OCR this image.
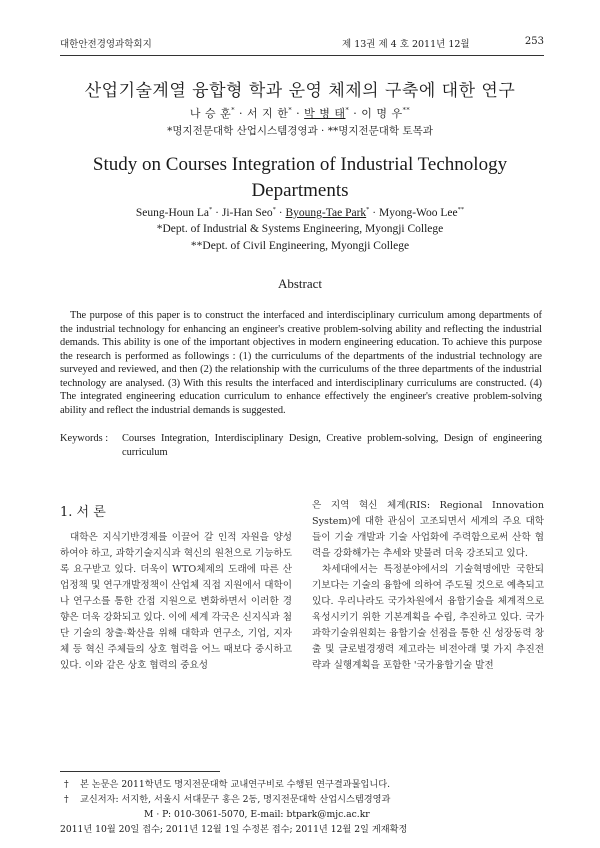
대한안전경영과학회지	제 13권 제 4 호 2011년 12월	253
산업기술계열 융합형 학과 운영 체제의 구축에 대한 연구
나 승 훈* · 서 지 한* · 박 병 태* · 이 명 우**
*명지전문대학 산업시스템경영과 · **명지전문대학 토목과
Study on Courses Integration of Industrial Technology
Departments
Seung-Houn La* · Ji-Han Seo* · Byoung-Tae Park* · Myong-Woo Lee**
*Dept. of Industrial & Systems Engineering, Myongji College
**Dept. of Civil Engineering, Myongji College
Abstract
The purpose of this paper is to construct the interfaced and interdisciplinary curriculum among departments of the industrial technology for enhancing an engineer's creative problem-solving ability and reflecting the industrial demands. This ability is one of the important objectives in modern engineering education. To achieve this purpose the research is performed as followings : (1) the curriculums of the departments of the industrial technology are surveyed and reviewed, and then (2) the relationship with the curriculums of the three departments of the industrial technology are analysed. (3) With this results the interfaced and interdisciplinary curriculums are constructed. (4) The integrated engineering education curriculum to enhance effectively the engineer's creative problem-solving ability and reflect the industrial demands is suggested.
Keywords :	Courses Integration, Interdisciplinary Design, Creative problem-solving, Design of engineering curriculum
1. 서 론

대학은 지식기반경제를 이끌어 갈 인적 자원을 양성하여야 하고, 과학기술지식과 혁신의 원천으로 기능하도록 요구받고 있다. 더욱이 WTO체제의 도래에 따른 산업정책 및 연구개발정책이 산업체 직접 지원에서 대학이나 연구소를 통한 간접 지원으로 변화하면서 이러한 경향은 더욱 강화되고 있다. 이에 세계 각국은 신지식과 첨단 기술의 창출·확산을 위해 대학과 연구소, 기업, 지자체 등 혁신 주체들의 상호 협력을 어느 때보다 중시하고 있다. 이와 같은 상호 협력의 중요성

은 지역 혁신 체계(RIS: Regional Innovation System)에 대한 관심이 고조되면서 세계의 주요 대학들이 기술 개발과 기술 사업화에 주력함으로써 산학 협력을 강화해가는 추세와 맞물려 더욱 강조되고 있다.

차세대에서는 특정분야에서의 기술혁명에만 국한되기보다는 기술의 융합에 의하여 주도될 것으로 예측되고 있다. 우리나라도 국가차원에서 융합기술을 체계적으로 육성시키기 위한 기본계획을 수립, 추진하고 있다. 국가과학기술위원회는 융합기술 선점을 통한 신 성장동력 창출 및 글로벌경쟁력 제고라는 비전아래 몇 가지 추진전략과 실행계획을 포함한 '국가융합기술 발전

† 본 논문은 2011학년도 명지전문대학 교내연구비로 수행된 연구결과물입니다.
† 교신저자: 서지한, 서울시 서대문구 홍은 2동, 명지전문대학 산업시스템경영과
M · P: 010-3061-5070, E-mail: btpark@mjc.ac.kr
2011년 10월 20일 접수; 2011년 12월 1일 수정본 접수; 2011년 12월 2일 게재확정
